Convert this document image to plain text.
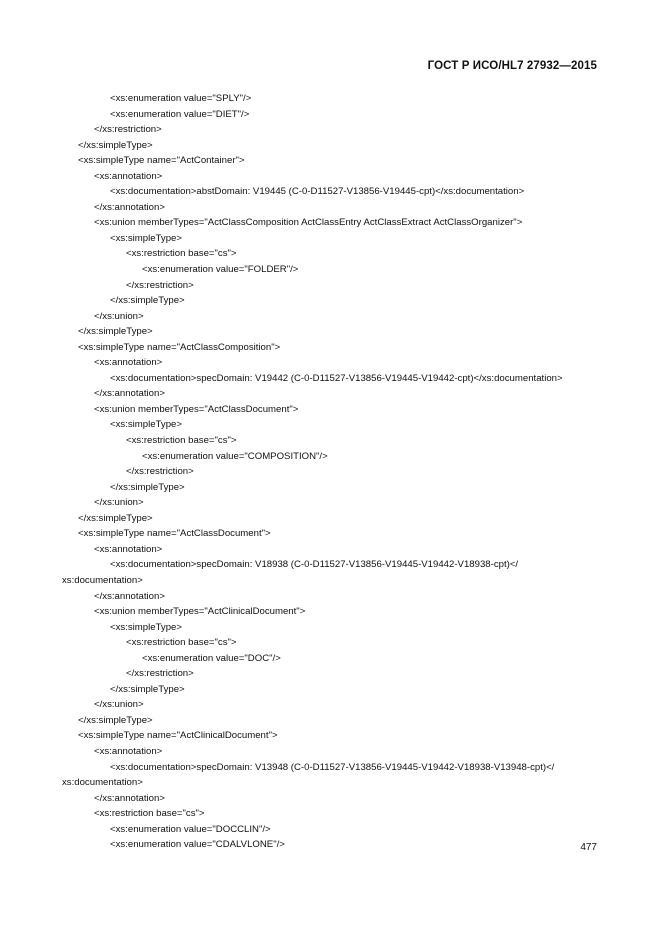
ГОСТ Р ИСО/HL7 27932—2015
<xs:enumeration value="SPLY"/>
<xs:enumeration value="DIET"/>
</xs:restriction>
</xs:simpleType>
<xs:simpleType name="ActContainer">
<xs:annotation>
<xs:documentation>abstDomain: V19445 (C-0-D11527-V13856-V19445-cpt)</xs:documentation>
</xs:annotation>
<xs:union memberTypes="ActClassComposition ActClassEntry ActClassExtract ActClassOrganizer">
<xs:simpleType>
<xs:restriction base="cs">
<xs:enumeration value="FOLDER"/>
</xs:restriction>
</xs:simpleType>
</xs:union>
</xs:simpleType>
<xs:simpleType name="ActClassComposition">
<xs:annotation>
<xs:documentation>specDomain: V19442 (C-0-D11527-V13856-V19445-V19442-cpt)</xs:documentation>
</xs:annotation>
<xs:union memberTypes="ActClassDocument">
<xs:simpleType>
<xs:restriction base="cs">
<xs:enumeration value="COMPOSITION"/>
</xs:restriction>
</xs:simpleType>
</xs:union>
</xs:simpleType>
<xs:simpleType name="ActClassDocument">
<xs:annotation>
<xs:documentation>specDomain: V18938 (C-0-D11527-V13856-V19445-V19442-V18938-cpt)</
xs:documentation>
</xs:annotation>
<xs:union memberTypes="ActClinicalDocument">
<xs:simpleType>
<xs:restriction base="cs">
<xs:enumeration value="DOC"/>
</xs:restriction>
</xs:simpleType>
</xs:union>
</xs:simpleType>
<xs:simpleType name="ActClinicalDocument">
<xs:annotation>
<xs:documentation>specDomain: V13948 (C-0-D11527-V13856-V19445-V19442-V18938-V13948-cpt)</
xs:documentation>
</xs:annotation>
<xs:restriction base="cs">
<xs:enumeration value="DOCCLIN"/>
<xs:enumeration value="CDALVLONE"/>	477
